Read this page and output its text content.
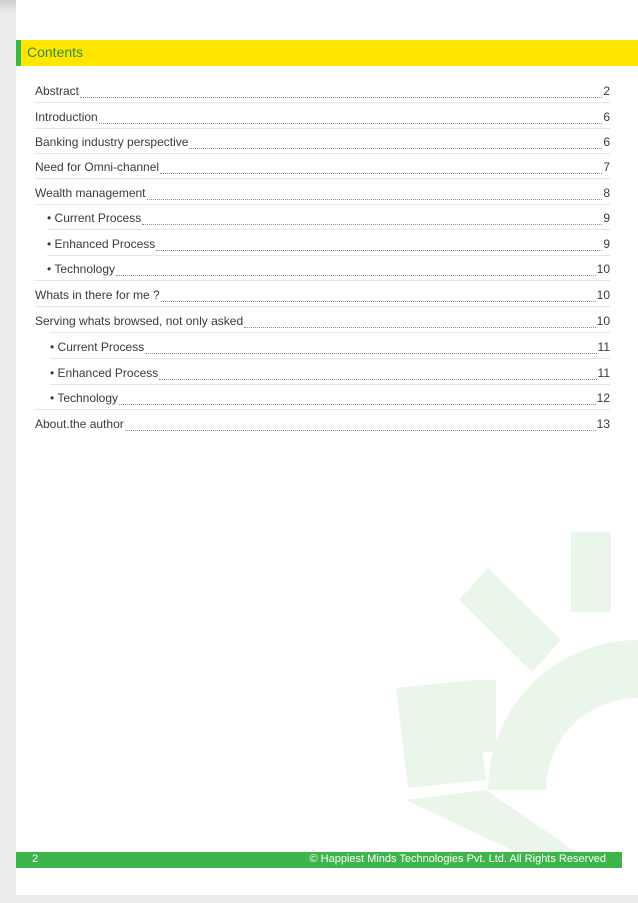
Contents
Abstract	2
Introduction	6
Banking industry perspective	6
Need for Omni-channel	7
Wealth management	8
• Current Process	9
• Enhanced Process	9
• Technology	10
Whats in there for me ?	10
Serving whats browsed, not only asked	10
• Current Process	11
• Enhanced Process	11
• Technology	12
About.the author	13
2	© Happiest Minds Technologies Pvt. Ltd. All Rights Reserved
